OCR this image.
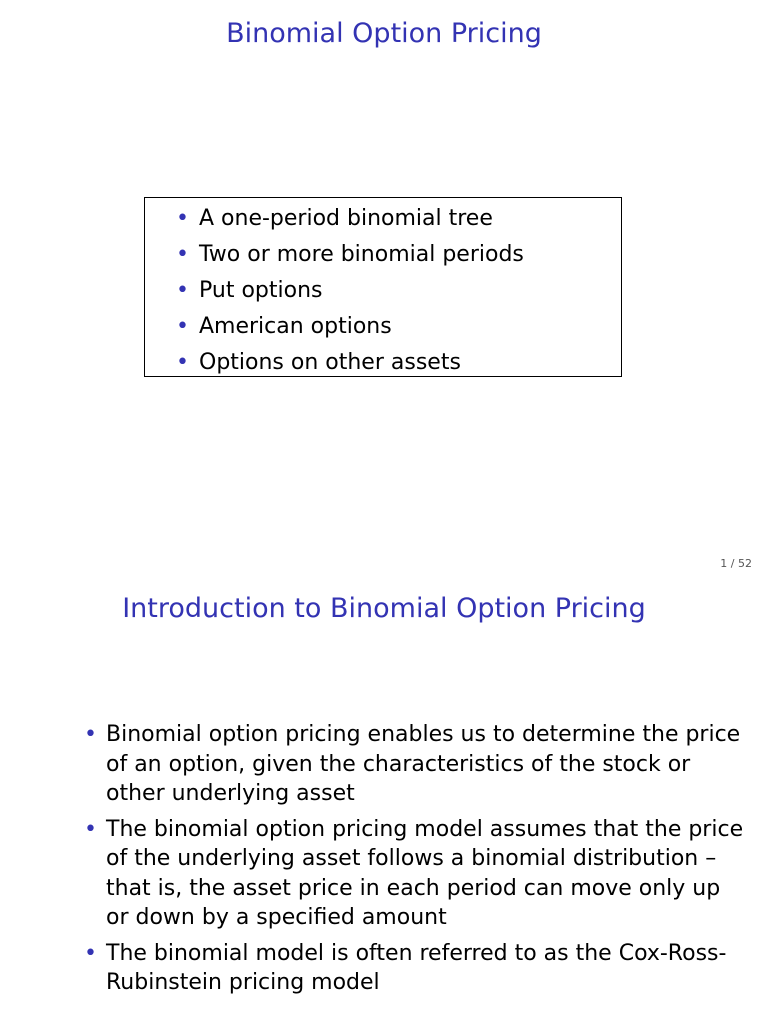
Binomial Option Pricing
• A one-period binomial tree
• Two or more binomial periods
• Put options
• American options
• Options on other assets
1 / 52
Introduction to Binomial Option Pricing
• Binomial option pricing enables us to determine the price of an option, given the characteristics of the stock or other underlying asset
• The binomial option pricing model assumes that the price of the underlying asset follows a binomial distribution – that is, the asset price in each period can move only up or down by a specified amount
• The binomial model is often referred to as the Cox-Ross-Rubinstein pricing model
